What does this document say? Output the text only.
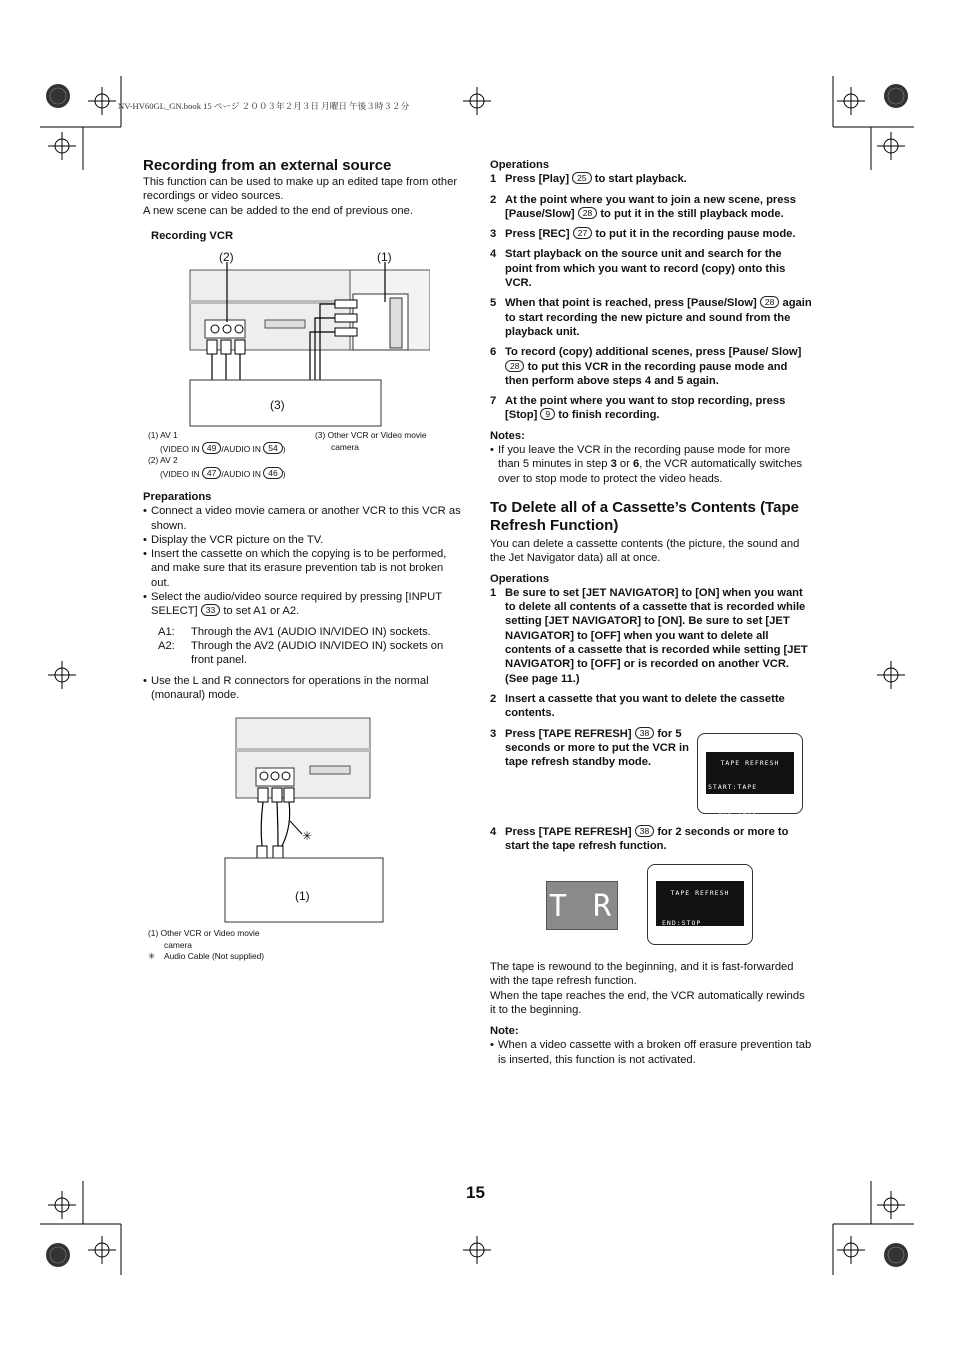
NV-HV60GL_GN.book 15 ページ ２００３年２月３日 月曜日 午後３時３２分
Recording from an external source

This function can be used to make up an edited tape from other recordings or video sources.

A new scene can be added to the end of previous one.

Recording VCR
(2)	(1)
(3)
(1) AV 1
(VIDEO IN 49 /AUDIO IN 54 )
(2) AV 2
(VIDEO IN 47 /AUDIO IN 46 )
(3) Other VCR or Video movie
camera
Preparations
• Connect a video movie camera or another VCR to this VCR as shown.
• Display the VCR picture on the TV.
• Insert the cassette on which the copying is to be performed, and make sure that its erasure prevention tab is not broken out.
• Select the audio/video source required by pressing [INPUT SELECT] 33 to set A1 or A2.
A1:	Through the AV1 (AUDIO IN/VIDEO IN) sockets.
A2:	Through the AV2 (AUDIO IN/VIDEO IN) sockets on front panel.
• Use the L and R connectors for operations in the normal (monaural) mode.
✳
(1)
(1) Other VCR or Video movie
camera
✳ Audio Cable (Not supplied)
Operations
1 Press [Play] 25 to start playback.
2 At the point where you want to join a new scene, press [Pause/Slow] 28 to put it in the still playback mode.
3 Press [REC] 27 to put it in the recording pause mode.
4 Start playback on the source unit and search for the point from which you want to record (copy) onto this VCR.
5 When that point is reached, press [Pause/Slow] 28 again to start recording the new picture and sound from the playback unit.
6 To record (copy) additional scenes, press [Pause/ Slow] 28 to put this VCR in the recording pause mode and then perform above steps 4 and 5 again.
7 At the point where you want to stop recording, press [Stop] 9 to finish recording.
Notes:
• If you leave the VCR in the recording pause mode for more than 5 minutes in step 3 or 6, the VCR automatically switches over to stop mode to protect the video heads.
To Delete all of a Cassette’s Contents (Tape Refresh Function)

You can delete a cassette contents (the picture, the sound and the Jet Navigator data) all at once.

Operations
1 Be sure to set [JET NAVIGATOR] to [ON] when you want to delete all contents of a cassette that is recorded while setting [JET NAVIGATOR] to [ON]. Be sure to set [JET NAVIGATOR] to [OFF] when you want to delete all contents of a cassette that is recorded while setting [JET NAVIGATOR] to [OFF] or is recorded on another VCR. (See page 11.)
2 Insert a cassette that you want to delete the cassette contents.
3 Press [TAPE REFRESH] 38 for 5 seconds or more to put the VCR in tape refresh standby mode.	TAPE REFRESH
START:TAPE REFRESH
END:STOP
4 Press [TAPE REFRESH] 38 for 2 seconds or more to start the tape refresh function.
T R	TAPE REFRESH
END:STOP

The tape is rewound to the beginning, and it is fast-forwarded with the tape refresh function.

When the tape reaches the end, the VCR automatically rewinds it to the beginning.

Note:
• When a video cassette with a broken off erasure prevention tab is inserted, this function is not activated.
15
